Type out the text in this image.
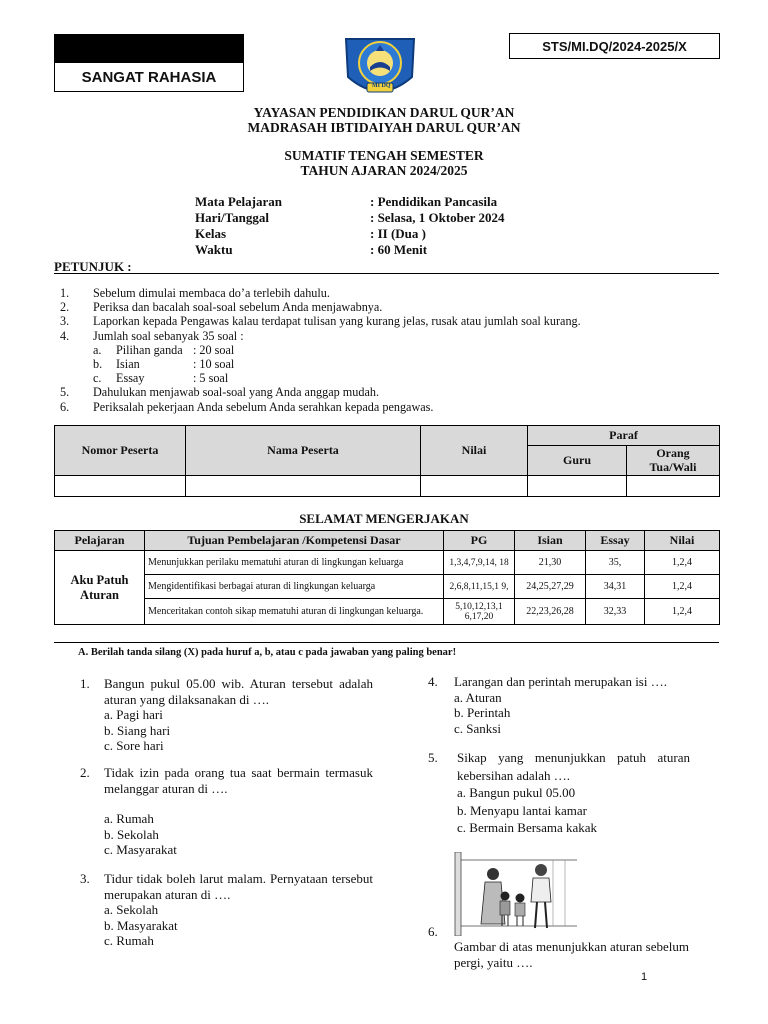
SANGAT RAHASIA
STS/MI.DQ/2024-2025/X
MI DQ
YAYASAN PENDIDIKAN DARUL QUR’AN
MADRASAH IBTIDAIYAH DARUL QUR’AN
SUMATIF TENGAH SEMESTER
TAHUN AJARAN 2024/2025
Mata Pelajaran	: Pendidikan Pancasila
Hari/Tanggal	: Selasa, 1 Oktober 2024
Kelas	: II (Dua )
Waktu	: 60 Menit
PETUNJUK :
1. Sebelum dimulai membaca do’a terlebih dahulu.
2. Periksa dan bacalah soal-soal sebelum Anda menjawabnya.
3. Laporkan kepada Pengawas kalau terdapat tulisan yang kurang jelas, rusak atau jumlah soal kurang.
4. Jumlah soal sebanyak 35 soal :
a. Pilihan ganda : 20 soal
b. Isian	: 10 soal
c. Essay	: 5 soal
5. Dahulukan menjawab soal-soal yang Anda anggap mudah.
6. Periksalah pekerjaan Anda sebelum Anda serahkan kepada pengawas.
Nomor Peserta	Nama Peserta	Nilai	Paraf	
			Guru	Orang Tua/Wali

SELAMAT MENGERJAKAN
Pelajaran	Tujuan Pembelajaran /Kompetensi Dasar	PG	Isian	Essay	Nilai
Aku Patuh Aturan	Menunjukkan perilaku mematuhi aturan di lingkungan keluarga	1,3,4,7,9,14, 18	21,30	35,	1,2,4
	Mengidentifikasi berbagai aturan di lingkungan keluarga	2,6,8,11,15,1 9,	24,25,27,29	34,31	1,2,4
	Menceritakan contoh sikap mematuhi aturan di lingkungan keluarga.	5,10,12,13,1 6,17,20	22,23,26,28	32,33	1,2,4
A. Berilah tanda silang (X) pada huruf a, b, atau c pada jawaban yang paling benar!
1. Bangun pukul 05.00 wib. Aturan tersebut adalah aturan yang dilaksanakan di ….
a. Pagi hari
b. Siang hari
c. Sore hari
2. Tidak izin pada orang tua saat bermain termasuk melanggar aturan di ….
a. Rumah
b. Sekolah
c. Masyarakat
3. Tidur tidak boleh larut malam. Pernyataan tersebut merupakan aturan di ….
a. Sekolah
b. Masyarakat
c. Rumah
4. Larangan dan perintah merupakan isi ….
a. Aturan
b. Perintah
c. Sanksi
5. Sikap yang menunjukkan patuh aturan kebersihan adalah ….
a. Bangun pukul 05.00
b. Menyapu lantai kamar
c. Bermain Bersama kakak
6.
Gambar di atas menunjukkan aturan sebelum pergi, yaitu ….
1
